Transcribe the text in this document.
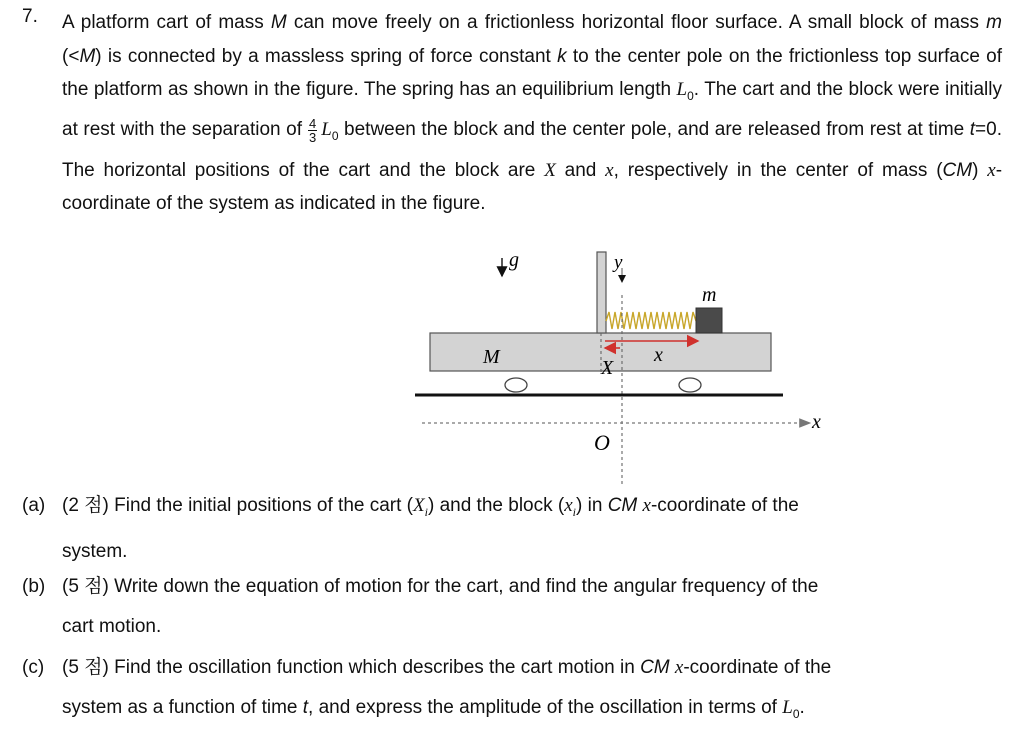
7. A platform cart of mass M can move freely on a frictionless horizontal floor surface. A small block of mass m (<M) is connected by a massless spring of force constant k to the center pole on the frictionless top surface of the platform as shown in the figure. The spring has an equilibrium length $L_0$. The cart and the block were initially at rest with the separation of $\frac{4}{3} L_0$ between the block and the center pole, and are released from rest at time t=0. The horizontal positions of the cart and the block are X and x, respectively in the center of mass (CM) x-coordinate of the system as indicated in the figure.

g
M
m
y
x
X
x
O
(a) (2 점) Find the initial positions of the cart $(X_i)$ and the block $(x_i)$ in CM x-coordinate of the
system.
(b) (5 점) Write down the equation of motion for the cart, and find the angular frequency of the
cart motion.
(c) (5 점) Find the oscillation function which describes the cart motion in CM x-coordinate of the
system as a function of time t, and express the amplitude of the oscillation in terms of $L_0$.
